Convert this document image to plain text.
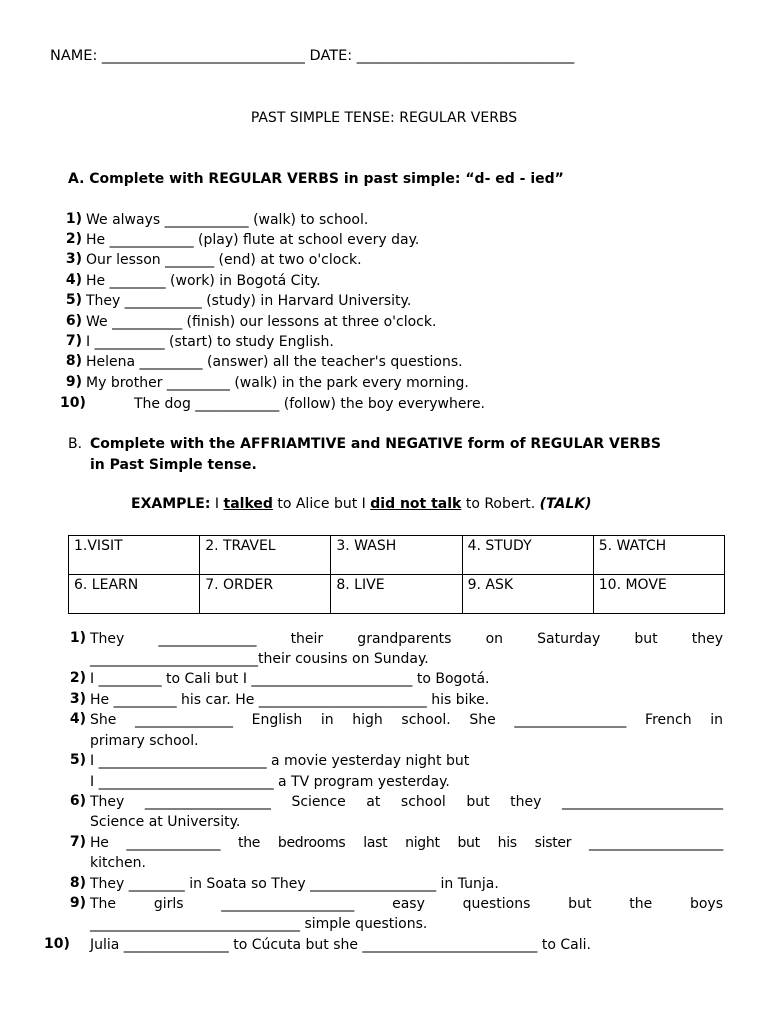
NAME: ____________________________ DATE: ______________________________
PAST SIMPLE TENSE: REGULAR VERBS
A. Complete with REGULAR VERBS in past simple: “d- ed - ied”
1) We always ____________ (walk) to school.
2) He ____________ (play) flute at school every day.
3) Our lesson _______ (end) at two o'clock.
4) He ________ (work) in Bogotá City.
5) They ___________ (study) in Harvard University.
6) We __________ (finish) our lessons at three o'clock.
7) I __________ (start) to study English.
8) Helena _________ (answer) all the teacher's questions.
9) My brother _________ (walk) in the park every morning.
10)	The dog ____________ (follow) the boy everywhere.
B. Complete with the AFFRIAMTIVE and NEGATIVE form of REGULAR VERBS
in Past Simple tense.
EXAMPLE: I talked to Alice but I did not talk to Robert. (TALK)
1.VISIT	2. TRAVEL	3. WASH	4. STUDY	5. WATCH
6. LEARN	7. ORDER	8. LIVE	9. ASK	10. MOVE
1) They ______________ their grandparents on Saturday but they
________________________their cousins on Sunday.
2) I _________ to Cali but I _______________________ to Bogotá.
3) He _________ his car. He ________________________ his bike.
4) She ______________ English in high school. She ________________ French in
primary school.
5) I ________________________ a movie yesterday night but
I _________________________ a TV program yesterday.
6) They __________________ Science at school but they _______________________
Science at University.
7) He ______________ the bedrooms last night but his sister ____________________
kitchen.
8) They ________ in Soata so They __________________ in Tunja.
9) The girls ___________________ easy questions but the boys
______________________________ simple questions.
10)	Julia _______________ to Cúcuta but she _________________________ to Cali.
